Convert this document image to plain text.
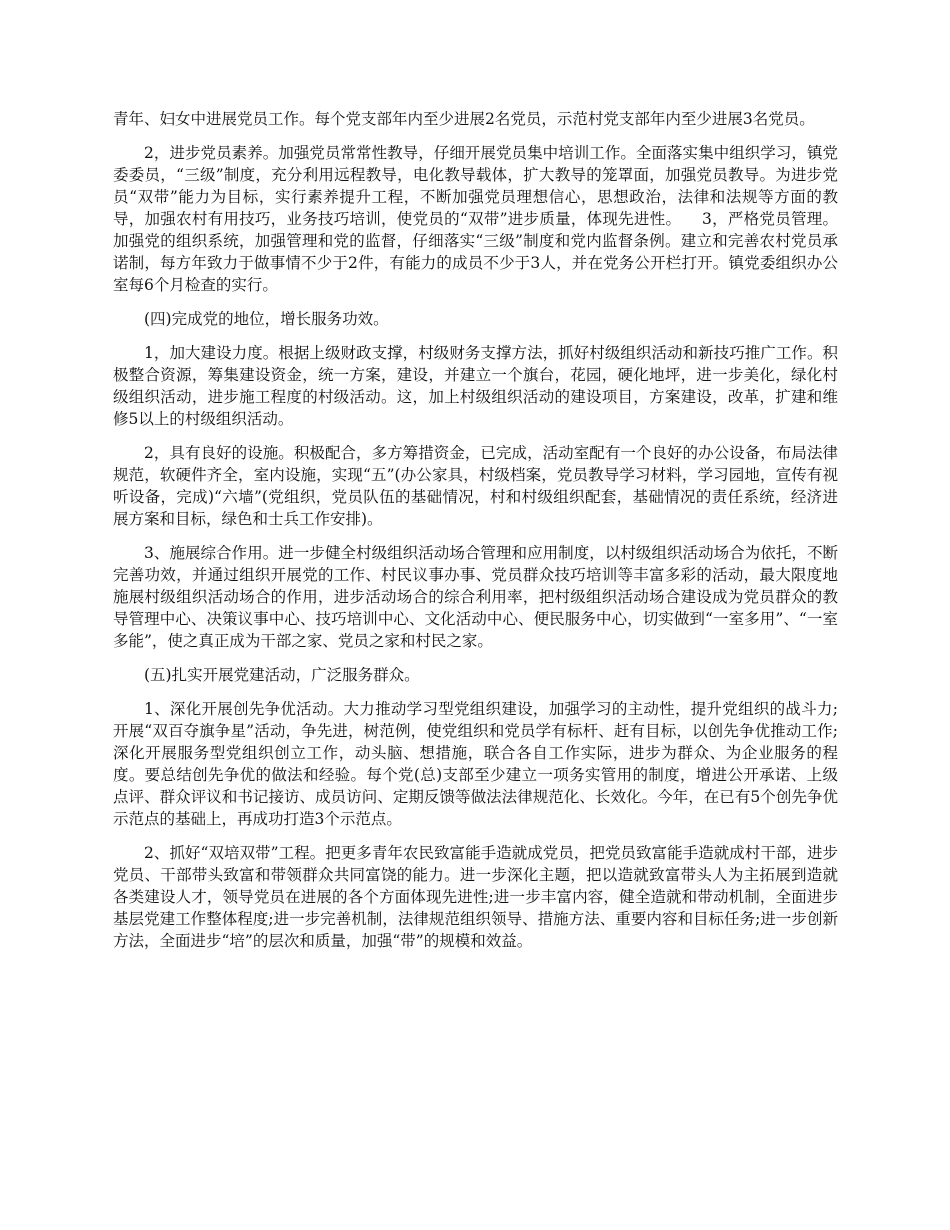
青年、妇女中进展党员工作。每个党支部年内至少进展2名党员，示范村党支部年内至少进展3名党员。

2，进步党员素养。加强党员常常性教导，仔细开展党员集中培训工作。全面落实集中组织学习，镇党委委员，“三级”制度，充分利用远程教导，电化教导载体，扩大教导的笼罩面，加强党员教导。为进步党员“双带”能力为目标，实行素养提升工程，不断加强党员理想信心，思想政治，法律和法规等方面的教导，加强农村有用技巧，业务技巧培训，使党员的“双带”进步质量，体现先进性。    3，严格党员管理。加强党的组织系统，加强管理和党的监督，仔细落实“三级”制度和党内监督条例。建立和完善农村党员承诺制，每方年致力于做事情不少于2件，有能力的成员不少于3人，并在党务公开栏打开。镇党委组织办公室每6个月检查的实行。

(四)完成党的地位，增长服务功效。

1，加大建设力度。根据上级财政支撑，村级财务支撑方法，抓好村级组织活动和新技巧推广工作。积极整合资源，筹集建设资金，统一方案，建设，并建立一个旗台，花园，硬化地坪，进一步美化，绿化村级组织活动，进步施工程度的村级活动。这，加上村级组织活动的建设项目，方案建设，改革，扩建和维修5以上的村级组织活动。

2，具有良好的设施。积极配合，多方筹措资金，已完成，活动室配有一个良好的办公设备，布局法律规范，软硬件齐全，室内设施，实现“五”(办公家具，村级档案，党员教导学习材料，学习园地，宣传有视听设备，完成)“六墙”(党组织，党员队伍的基础情况，村和村级组织配套，基础情况的责任系统，经济进展方案和目标，绿色和士兵工作安排)。

3、施展综合作用。进一步健全村级组织活动场合管理和应用制度，以村级组织活动场合为依托，不断完善功效，并通过组织开展党的工作、村民议事办事、党员群众技巧培训等丰富多彩的活动，最大限度地施展村级组织活动场合的作用，进步活动场合的综合利用率，把村级组织活动场合建设成为党员群众的教导管理中心、决策议事中心、技巧培训中心、文化活动中心、便民服务中心，切实做到“一室多用”、“一室多能”，使之真正成为干部之家、党员之家和村民之家。

(五)扎实开展党建活动，广泛服务群众。

1、深化开展创先争优活动。大力推动学习型党组织建设，加强学习的主动性，提升党组织的战斗力;开展“双百夺旗争星”活动，争先进，树范例，使党组织和党员学有标杆、赶有目标，以创先争优推动工作;深化开展服务型党组织创立工作，动头脑、想措施，联合各自工作实际，进步为群众、为企业服务的程度。要总结创先争优的做法和经验。每个党(总)支部至少建立一项务实管用的制度，增进公开承诺、上级点评、群众评议和书记接访、成员访问、定期反馈等做法法律规范化、长效化。今年，在已有5个创先争优示范点的基础上，再成功打造3个示范点。

2、抓好“双培双带”工程。把更多青年农民致富能手造就成党员，把党员致富能手造就成村干部，进步党员、干部带头致富和带领群众共同富饶的能力。进一步深化主题，把以造就致富带头人为主拓展到造就各类建设人才，领导党员在进展的各个方面体现先进性;进一步丰富内容，健全造就和带动机制，全面进步基层党建工作整体程度;进一步完善机制，法律规范组织领导、措施方法、重要内容和目标任务;进一步创新方法，全面进步“培”的层次和质量，加强“带”的规模和效益。
